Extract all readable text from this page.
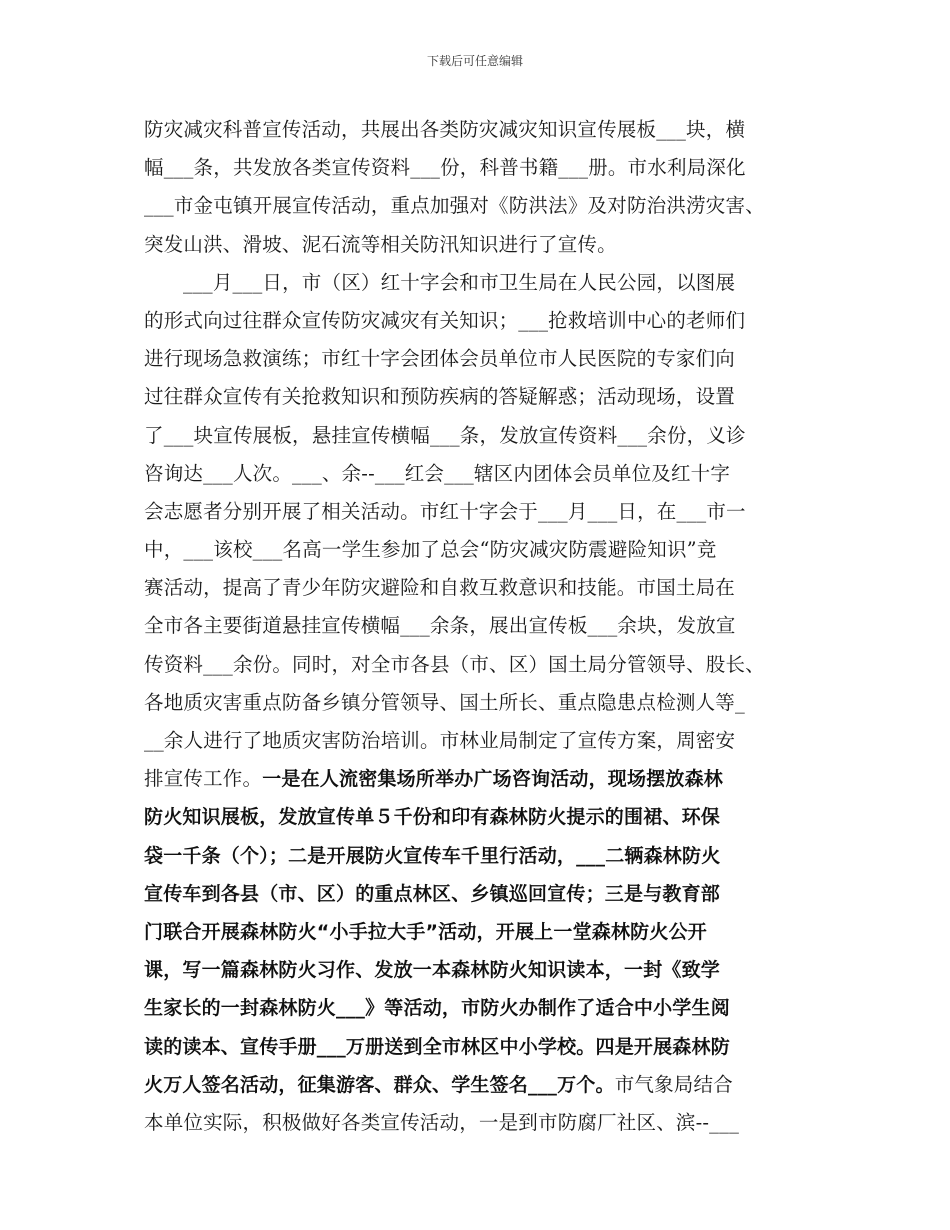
下载后可任意编辑
防灾减灾科普宣传活动，共展出各类防灾减灾知识宣传展板___块，横
幅___条，共发放各类宣传资料___份，科普书籍___册。市水利局深化
___市金屯镇开展宣传活动，重点加强对《防洪法》及对防治洪涝灾害、
突发山洪、滑坡、泥石流等相关防汛知识进行了宣传。
___月___日，市（区）红十字会和市卫生局在人民公园，以图展
的形式向过往群众宣传防灾减灾有关知识；___抢救培训中心的老师们
进行现场急救演练；市红十字会团体会员单位市人民医院的专家们向
过往群众宣传有关抢救知识和预防疾病的答疑解惑；活动现场，设置
了___块宣传展板，悬挂宣传横幅___条，发放宣传资料___余份，义诊
咨询达___人次。___、余--___红会___辖区内团体会员单位及红十字
会志愿者分别开展了相关活动。市红十字会于___月___日，在___市一
中，___该校___名高一学生参加了总会“防灾减灾防震避险知识”竞
赛活动，提高了青少年防灾避险和自救互救意识和技能。市国土局在
全市各主要街道悬挂宣传横幅___余条，展出宣传板___余块，发放宣
传资料___余份。同时，对全市各县（市、区）国土局分管领导、股长、
各地质灾害重点防备乡镇分管领导、国土所长、重点隐患点检测人等_
__余人进行了地质灾害防治培训。市林业局制定了宣传方案，周密安
排宣传工作。一是在人流密集场所举办广场咨询活动，现场摆放森林
防火知识展板，发放宣传单５千份和印有森林防火提示的围裙、环保
袋一千条（个）；二是开展防火宣传车千里行活动，___二辆森林防火
宣传车到各县（市、区）的重点林区、乡镇巡回宣传；三是与教育部
门联合开展森林防火“小手拉大手”活动，开展上一堂森林防火公开
课，写一篇森林防火习作、发放一本森林防火知识读本，一封《致学
生家长的一封森林防火___》等活动，市防火办制作了适合中小学生阅
读的读本、宣传手册___万册送到全市林区中小学校。四是开展森林防
火万人签名活动，征集游客、群众、学生签名___万个。市气象局结合
本单位实际，积极做好各类宣传活动，一是到市防腐厂社区、滨--___
